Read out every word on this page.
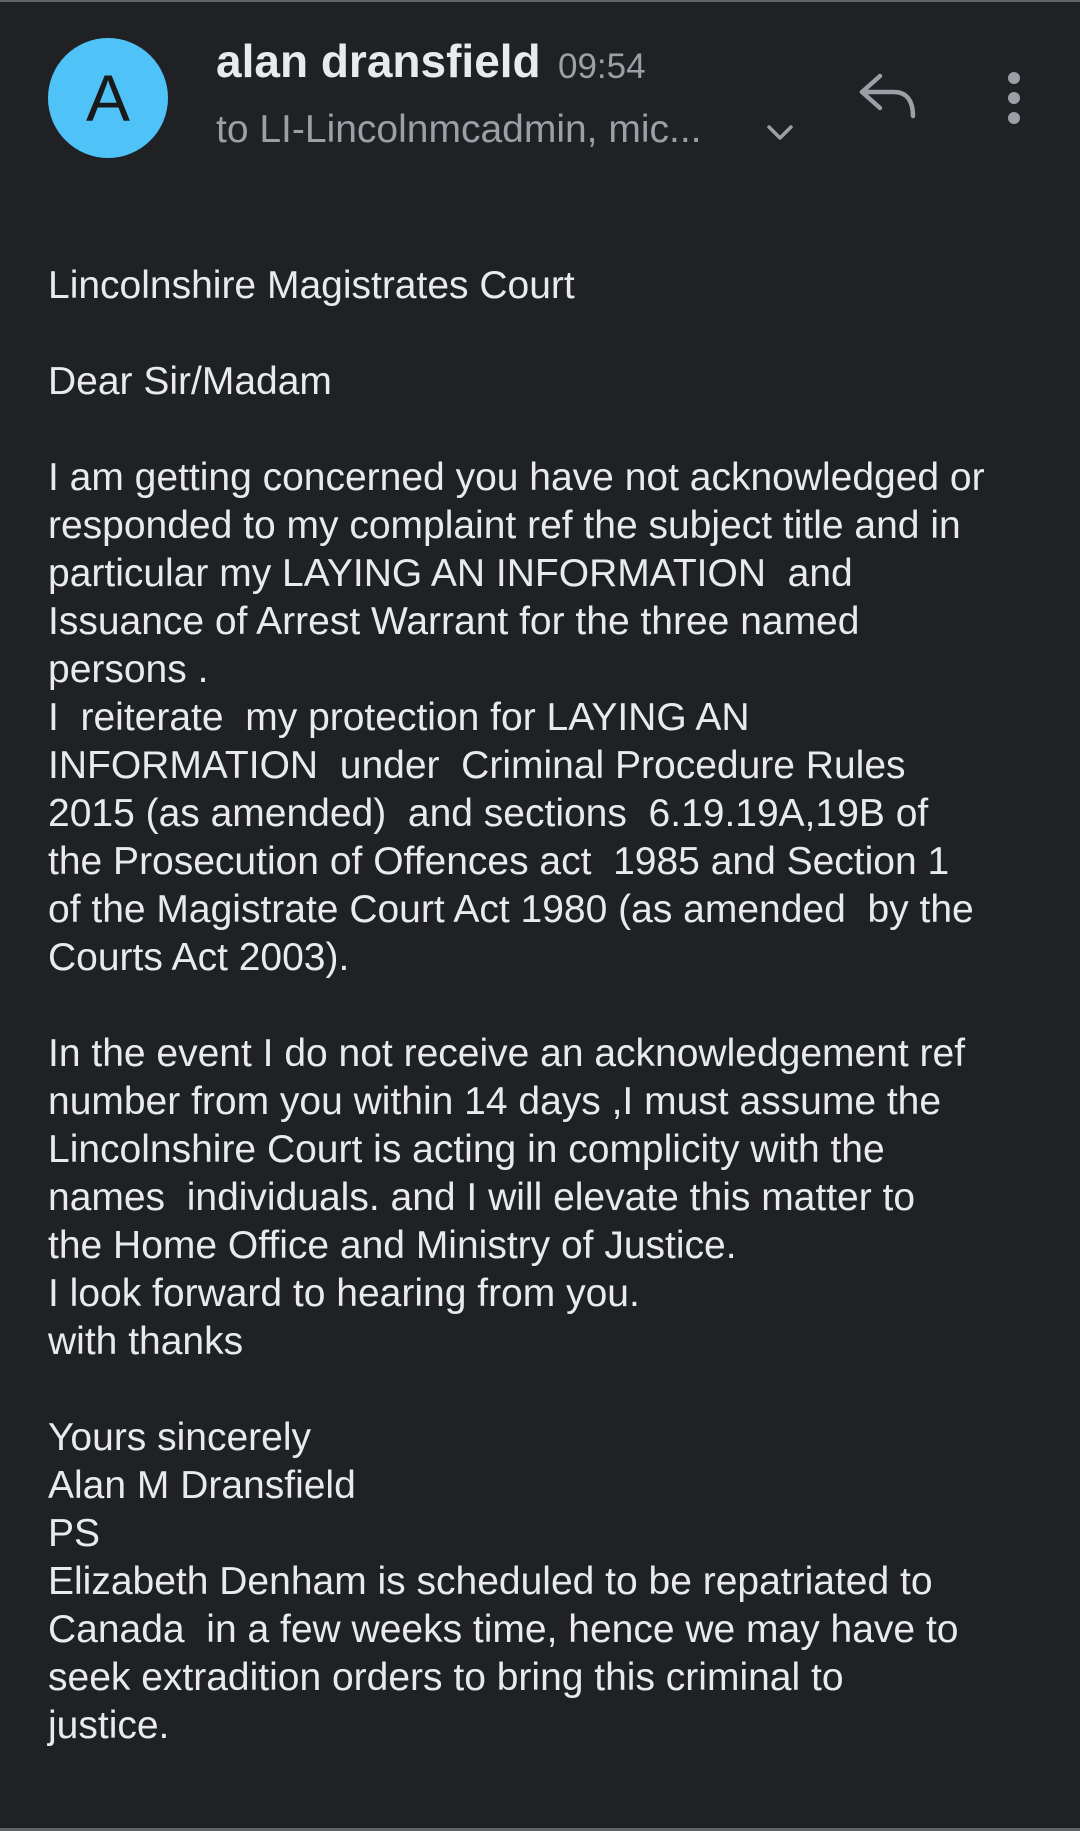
A	alan dransfield 09:54
to LI-Lincolnmcadmin, mic...
Lincolnshire Magistrates Court
Dear Sir/Madam
I am getting concerned you have not acknowledged or
responded to my complaint ref the subject title and in
particular my LAYING AN INFORMATION  and
Issuance of Arrest Warrant for the three named
persons .
I  reiterate  my protection for LAYING AN
INFORMATION  under  Criminal Procedure Rules
2015 (as amended)  and sections  6.19.19A,19B of
the Prosecution of Offences act  1985 and Section 1
of the Magistrate Court Act 1980 (as amended  by the
Courts Act 2003).
In the event I do not receive an acknowledgement ref
number from you within 14 days ,I must assume the
Lincolnshire Court is acting in complicity with the
names  individuals. and I will elevate this matter to
the Home Office and Ministry of Justice.
I look forward to hearing from you.
with thanks
Yours sincerely
Alan M Dransfield
PS
Elizabeth Denham is scheduled to be repatriated to
Canada  in a few weeks time, hence we may have to
seek extradition orders to bring this criminal to
justice.
